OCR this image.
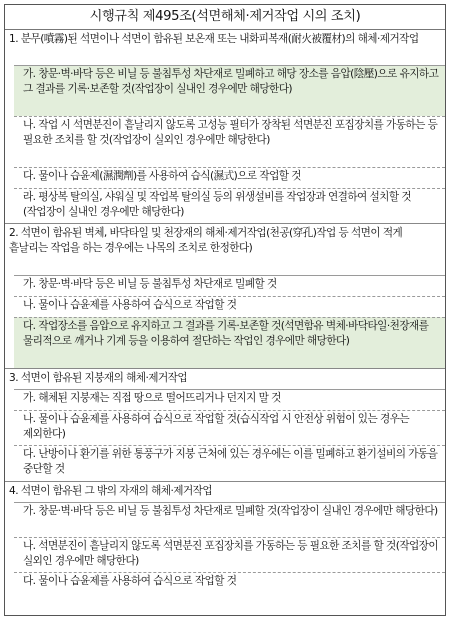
시행규칙 제495조(석면해체·제거작업 시의 조치)
1. 분무(噴霧)된 석면이나 석면이 함유된 보온재 또는 내화피복재(耐火被覆材)의 해체·제거작업
가. 창문·벽·바닥 등은 비닐 등 불침투성 차단재로 밀폐하고 해당 장소를 음압(陰壓)으로 유지하고 그 결과를 기록·보존할 것(작업장이 실내인 경우에만 해당한다)
나. 작업 시 석면분진이 흩날리지 않도록 고성능 필터가 장착된 석면분진 포집장치를 가동하는 등 필요한 조치를 할 것(작업장이 실외인 경우에만 해당한다)
다. 물이나 습윤제(濕潤劑)를 사용하여 습식(濕式)으로 작업할 것
라. 평상복 탈의실, 샤워실 및 작업복 탈의실 등의 위생설비를 작업장과 연결하여 설치할 것(작업장이 실내인 경우에만 해당한다)
2. 석면이 함유된 벽체, 바닥타일 및 천장재의 해체·제거작업(천공(穿孔)작업 등 석면이 적게 흩날리는 작업을 하는 경우에는 나목의 조치로 한정한다)
가. 창문·벽·바닥 등은 비닐 등 불침투성 차단재로 밀폐할 것
나. 물이나 습윤제를 사용하여 습식으로 작업할 것
다. 작업장소를 음압으로 유지하고 그 결과를 기록·보존할 것(석면함유 벽체·바닥타일·천장재를 물리적으로 깨거나 기계 등을 이용하여 절단하는 작업인 경우에만 해당한다)
3. 석면이 함유된 지붕재의 해체·제거작업
가. 해체된 지붕재는 직접 땅으로 떨어뜨리거나 던지지 말 것
나. 물이나 습윤제를 사용하여 습식으로 작업할 것(습식작업 시 안전상 위험이 있는 경우는 제외한다)
다. 난방이나 환기를 위한 통풍구가 지붕 근처에 있는 경우에는 이를 밀폐하고 환기설비의 가동을 중단할 것
4. 석면이 함유된 그 밖의 자재의 해체·제거작업
가. 창문·벽·바닥 등은 비닐 등 불침투성 차단재로 밀폐할 것(작업장이 실내인 경우에만 해당한다)
나. 석면분진이 흩날리지 않도록 석면분진 포집장치를 가동하는 등 필요한 조치를 할 것(작업장이 실외인 경우에만 해당한다)
다. 물이나 습윤제를 사용하여 습식으로 작업할 것
